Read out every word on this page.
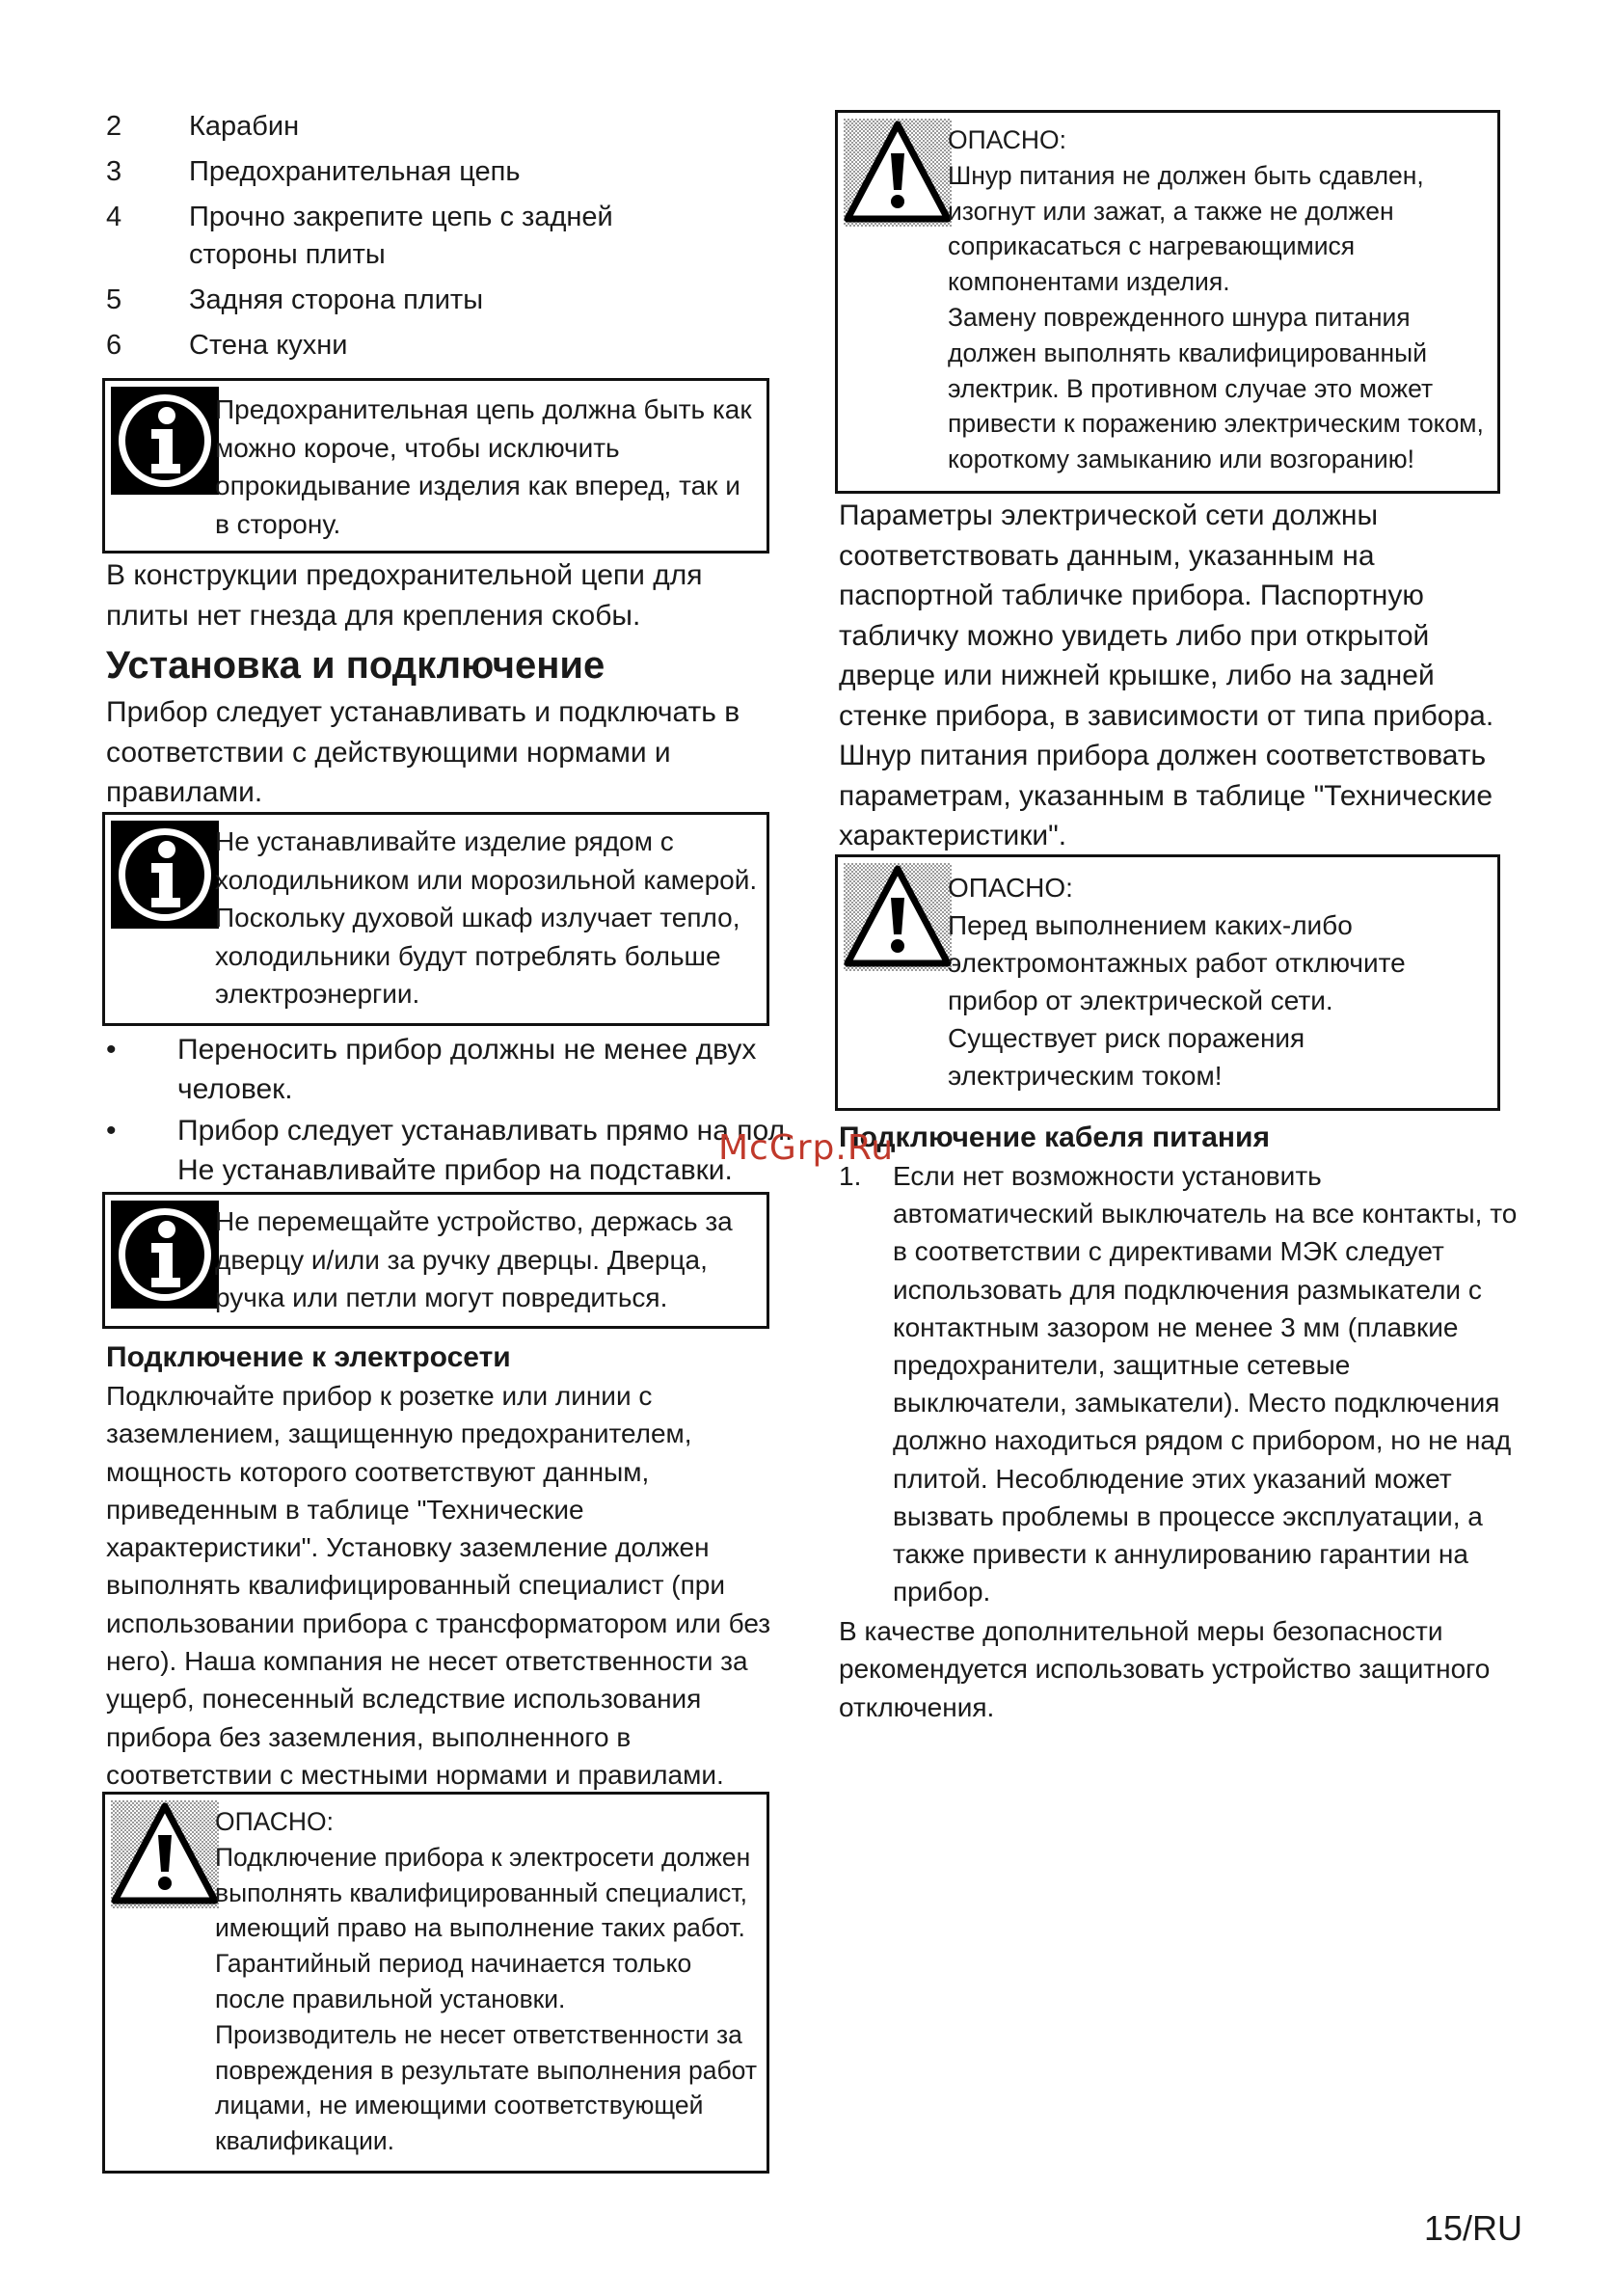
2	Карабин
3	Предохранительная цепь
4	Прочно закрепите цепь с задней стороны плиты
5	Задняя сторона плиты
6	Стена кухни
Предохранительная цепь должна быть как можно короче, чтобы исключить опрокидывание изделия как вперед, так и в сторону.
В конструкции предохранительной цепи для плиты нет гнезда для крепления скобы.
Установка и подключение
Прибор следует устанавливать и подключать в соответствии с действующими нормами и правилами.
Не устанавливайте изделие рядом с холодильником или морозильной камерой. Поскольку духовой шкаф излучает тепло, холодильники будут потреблять больше электроэнергии.
•	Переносить прибор должны не менее двух человек.
•	Прибор следует устанавливать прямо на пол. Не устанавливайте прибор на подставки.
Не перемещайте устройство, держась за дверцу и/или за ручку дверцы. Дверца, ручка или петли могут повредиться.
Подключение к электросети
Подключайте прибор к розетке или линии с заземлением, защищенную предохранителем, мощность которого соответствуют данным, приведенным в таблице "Технические характеристики". Установку заземление должен выполнять квалифицированный специалист (при использовании прибора с трансформатором или без него). Наша компания не несет ответственности за ущерб, понесенный вследствие использования прибора без заземления, выполненного в соответствии с местными нормами и правилами.
ОПАСНО:
Подключение прибора к электросети должен выполнять квалифицированный специалист, имеющий право на выполнение таких работ. Гарантийный период начинается только после правильной установки.
Производитель не несет ответственности за повреждения в результате выполнения работ лицами, не имеющими соответствующей квалификации.
ОПАСНО:
Шнур питания не должен быть сдавлен, изогнут или зажат, а также не должен соприкасаться с нагревающимися компонентами изделия.
Замену поврежденного шнура питания должен выполнять квалифицированный электрик. В противном случае это может привести к поражению электрическим током, короткому замыканию или возгоранию!
Параметры электрической сети должны соответствовать данным, указанным на паспортной табличке прибора. Паспортную табличку можно увидеть либо при открытой дверце или нижней крышке, либо на задней стенке прибора, в зависимости от типа прибора. Шнур питания прибора должен соответствовать параметрам, указанным в таблице "Технические характеристики".
ОПАСНО:
Перед выполнением каких-либо электромонтажных работ отключите прибор от электрической сети. Существует риск поражения электрическим током!
Подключение кабеля питания
1.	Если нет возможности установить автоматический выключатель на все контакты, то в соответствии с директивами МЭК следует использовать для подключения размыкатели с контактным зазором не менее 3 мм (плавкие предохранители, защитные сетевые выключатели, замыкатели). Место подключения должно находиться рядом с прибором, но не над плитой. Несоблюдение этих указаний может вызвать проблемы в процессе эксплуатации, а также привести к аннулированию гарантии на прибор.
В качестве дополнительной меры безопасности рекомендуется использовать устройство защитного отключения.
McGrp.Ru
15/RU
